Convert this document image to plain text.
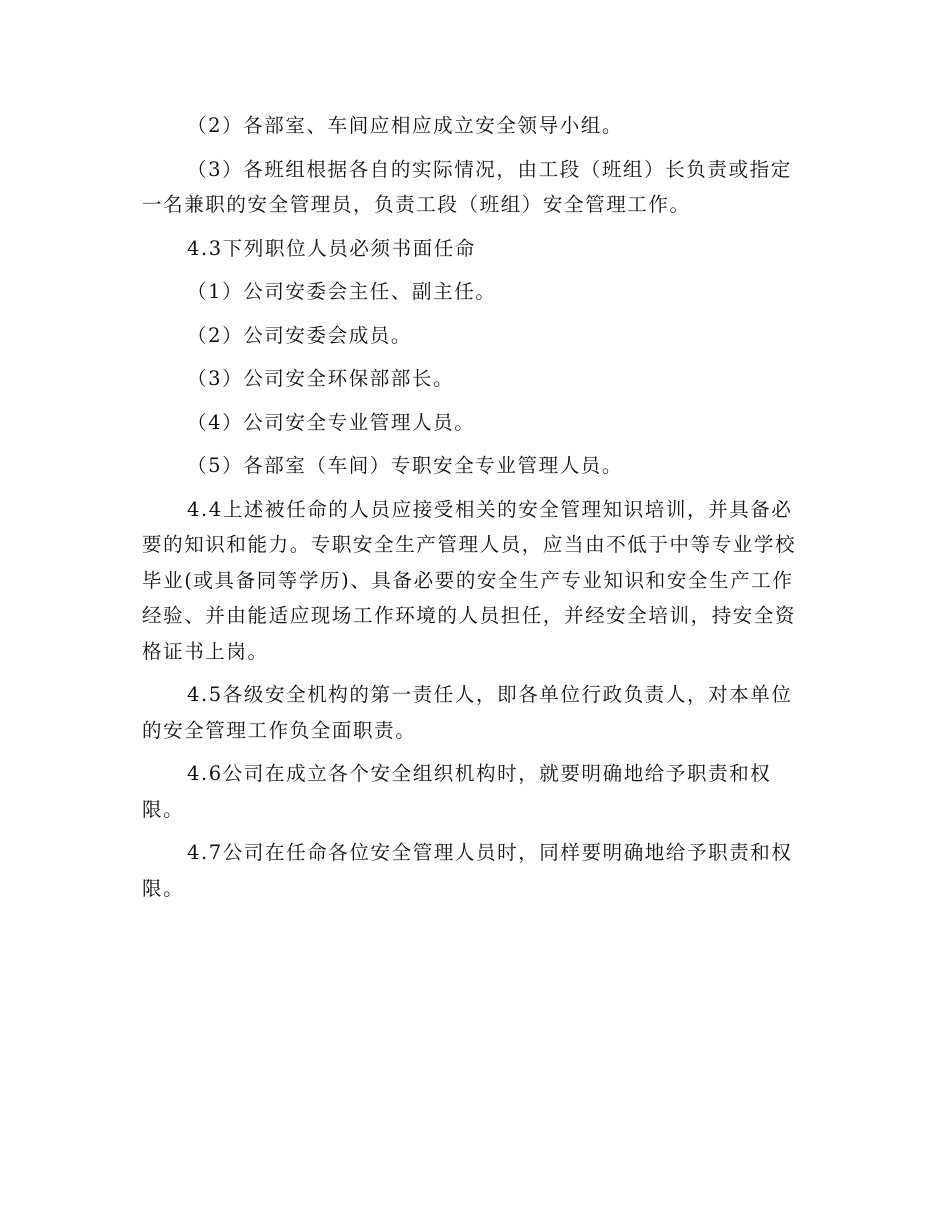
（2）各部室、车间应相应成立安全领导小组。

（3）各班组根据各自的实际情况，由工段（班组）长负责或指定一名兼职的安全管理员，负责工段（班组）安全管理工作。

4.3下列职位人员必须书面任命

（1）公司安委会主任、副主任。

（2）公司安委会成员。

（3）公司安全环保部部长。

（4）公司安全专业管理人员。

（5）各部室（车间）专职安全专业管理人员。

4.4上述被任命的人员应接受相关的安全管理知识培训，并具备必要的知识和能力。专职安全生产管理人员，应当由不低于中等专业学校毕业(或具备同等学历)、具备必要的安全生产专业知识和安全生产工作经验、并由能适应现场工作环境的人员担任，并经安全培训，持安全资格证书上岗。

4.5各级安全机构的第一责任人，即各单位行政负责人，对本单位的安全管理工作负全面职责。

4.6公司在成立各个安全组织机构时，就要明确地给予职责和权限。

4.7公司在任命各位安全管理人员时，同样要明确地给予职责和权限。
